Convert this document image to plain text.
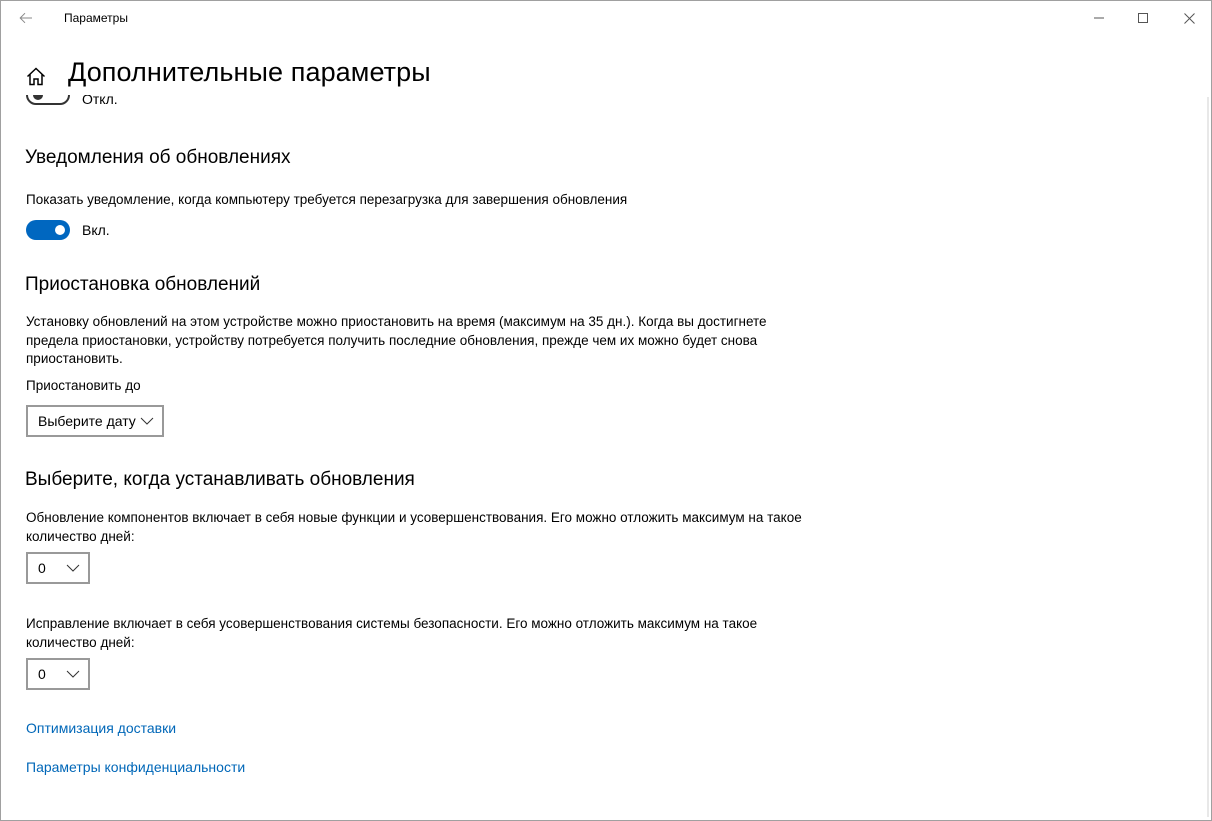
Параметры
Дополнительные параметры
Откл.
Уведомления об обновлениях

Показать уведомление, когда компьютеру требуется перезагрузка для завершения обновления

Вкл.
Приостановка обновлений

Установку обновлений на этом устройстве можно приостановить на время (максимум на 35 дн.). Когда вы достигнете предела приостановки, устройству потребуется получить последние обновления, прежде чем их можно будет снова приостановить.

Приостановить до

Выберите дату
Выберите, когда устанавливать обновления

Обновление компонентов включает в себя новые функции и усовершенствования. Его можно отложить максимум на такое количество дней:

0

Исправление включает в себя усовершенствования системы безопасности. Его можно отложить максимум на такое количество дней:

0
Оптимизация доставки
Параметры конфиденциальности
